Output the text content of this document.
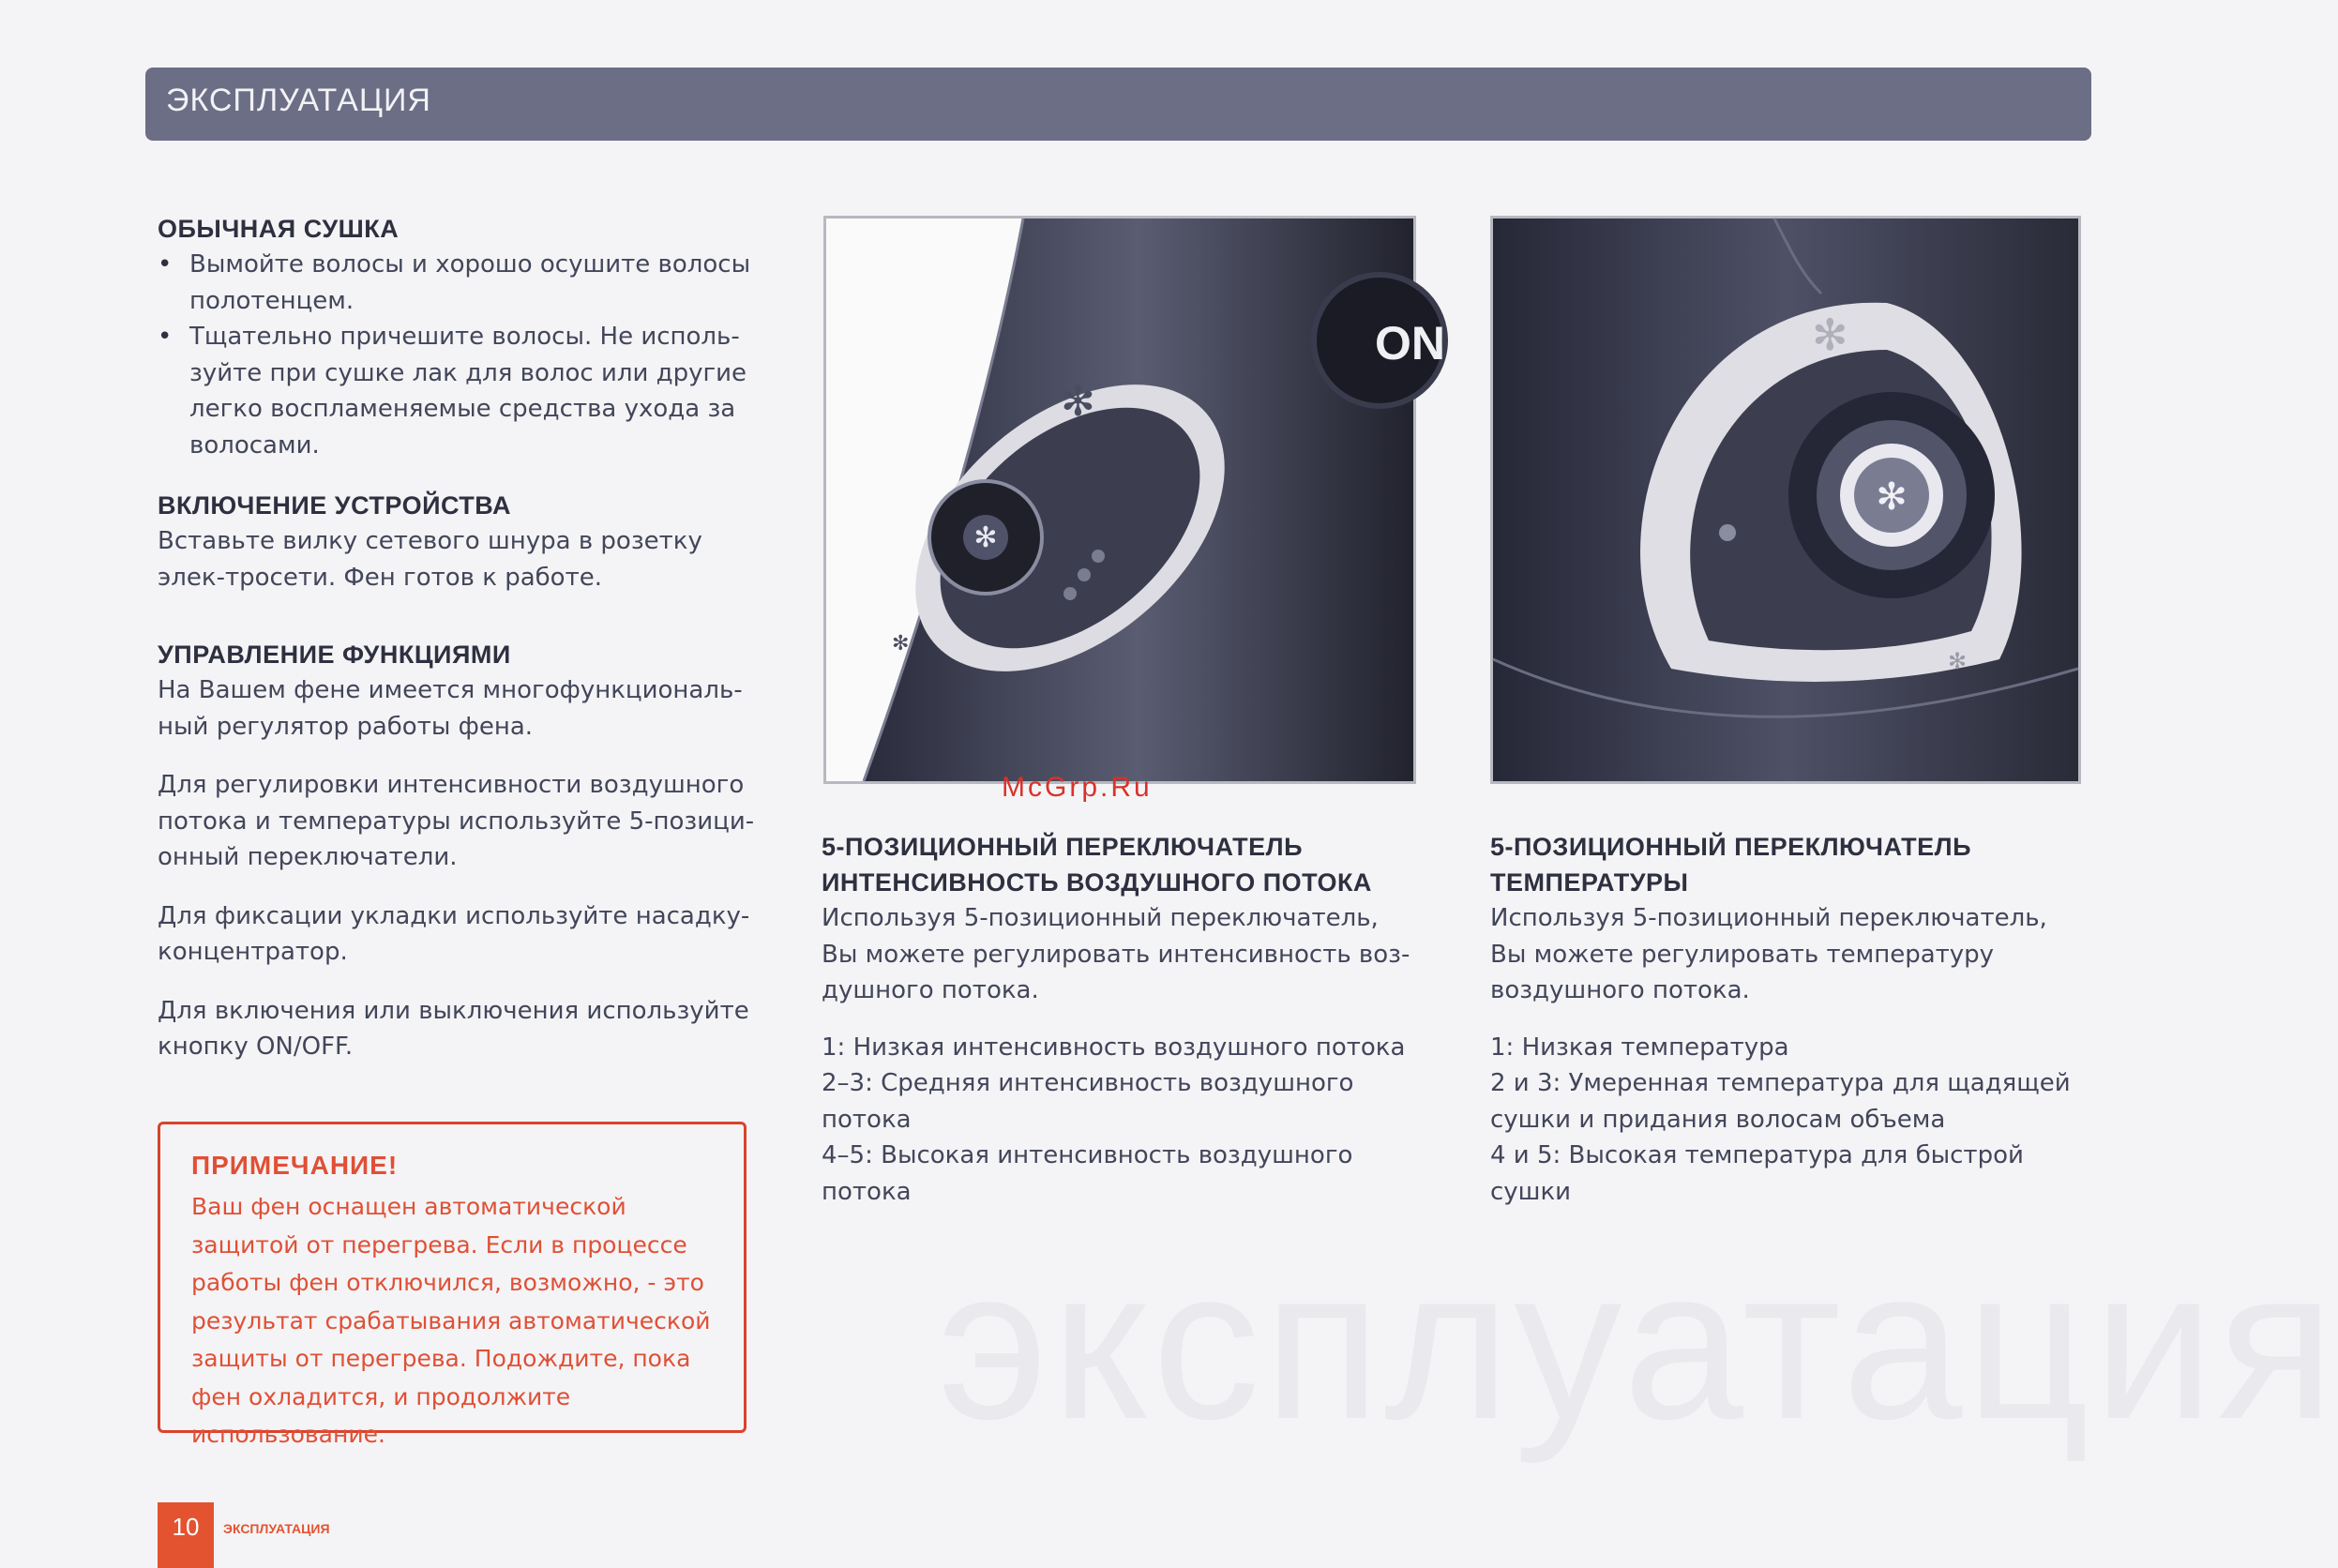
эксплуатация
ЭКСПЛУАТАЦИЯ
ОБЫЧНАЯ СУШКА
• Вымойте волосы и хорошо осушите волосы полотенцем.
• Тщательно причешите волосы. Не исполь-зуйте при сушке лак для волос или другие легко воспламеняемые средства ухода за волосами.
ВКЛЮЧЕНИЕ УСТРОЙСТВА

Вставьте вилку сетевого шнура в розетку элек-тросети. Фен готов к работе.

УПРАВЛЕНИЕ ФУНКЦИЯМИ

На Вашем фене имеется многофункциональ-ный регулятор работы фена.

Для регулировки интенсивности воздушного потока и температуры используйте 5-позици-онный переключатели.

Для фиксации укладки используйте насадку-концентратор.

Для включения или выключения используйте кнопку ON/OFF.

ПРИМЕЧАНИЕ!
Ваш фен оснащен автоматической защитой от перегрева. Если в процессе работы фен отключился, возможно, - это результат срабатывания автоматической защиты от перегрева. Подождите, пока фен охладится, и продолжите использование.
✻
✻
✻
ON
✻
✻
✻
McGrp.Ru
5-ПОЗИЦИОННЫЙ ПЕРЕКЛЮЧАТЕЛЬ
ИНТЕНСИВНОСТЬ ВОЗДУШНОГО ПОТОКА

Используя 5-позиционный переключатель, Вы можете регулировать интенсивность воз-душного потока.

1: Низкая интенсивность воздушного потока

2–3: Средняя интенсивность воздушного потока

4–5: Высокая интенсивность воздушного потока

5-ПОЗИЦИОННЫЙ ПЕРЕКЛЮЧАТЕЛЬ
ТЕМПЕРАТУРЫ

Используя 5-позиционный переключатель, Вы можете регулировать температуру воздушного потока.

1: Низкая температура

2 и 3: Умеренная температура для щадящей сушки и придания волосам объема

4 и 5: Высокая температура для быстрой сушки

10	ЭКСПЛУАТАЦИЯ
